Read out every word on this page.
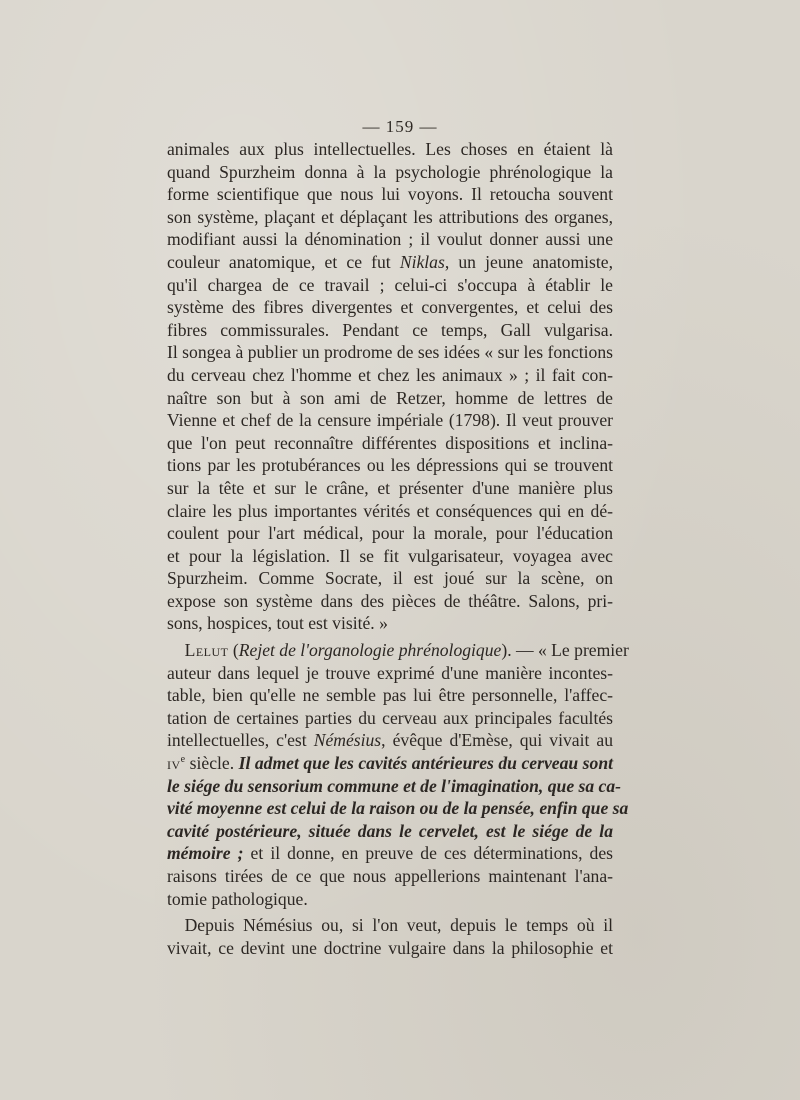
— 159 —
animales aux plus intellectuelles. Les choses en étaient là
quand Spurzheim donna à la psychologie phrénologique la
forme scientifique que nous lui voyons. Il retoucha souvent
son système, plaçant et déplaçant les attributions des organes,
modifiant aussi la dénomination ; il voulut donner aussi une
couleur anatomique, et ce fut Niklas, un jeune anatomiste,
qu'il chargea de ce travail ; celui-ci s'occupa à établir le
système des fibres divergentes et convergentes, et celui des
fibres commissurales. Pendant ce temps, Gall vulgarisa.
Il songea à publier un prodrome de ses idées « sur les fonctions
du cerveau chez l'homme et chez les animaux » ; il fait con-
naître son but à son ami de Retzer, homme de lettres de
Vienne et chef de la censure impériale (1798). Il veut prouver
que l'on peut reconnaître différentes dispositions et inclina-
tions par les protubérances ou les dépressions qui se trouvent
sur la tête et sur le crâne, et présenter d'une manière plus
claire les plus importantes vérités et conséquences qui en dé-
coulent pour l'art médical, pour la morale, pour l'éducation
et pour la législation. Il se fit vulgarisateur, voyagea avec
Spurzheim. Comme Socrate, il est joué sur la scène, on
expose son système dans des pièces de théâtre. Salons, pri-
sons, hospices, tout est visité. »
 Lelut (Rejet de l'organologie phrénologique). — « Le premier
auteur dans lequel je trouve exprimé d'une manière incontes-
table, bien qu'elle ne semble pas lui être personnelle, l'affec-
tation de certaines parties du cerveau aux principales facultés
intellectuelles, c'est Némésius, évêque d'Emèse, qui vivait au
$iv^e$ siècle. Il admet que les cavités antérieures du cerveau sont
le siége du sensorium commune et de l'imagination, que sa ca-
vité moyenne est celui de la raison ou de la pensée, enfin que sa
cavité postérieure, située dans le cervelet, est le siége de la
mémoire ; et il donne, en preuve de ces déterminations, des
raisons tirées de ce que nous appellerions maintenant l'ana-
tomie pathologique.
 Depuis Némésius ou, si l'on veut, depuis le temps où il
vivait, ce devint une doctrine vulgaire dans la philosophie et
